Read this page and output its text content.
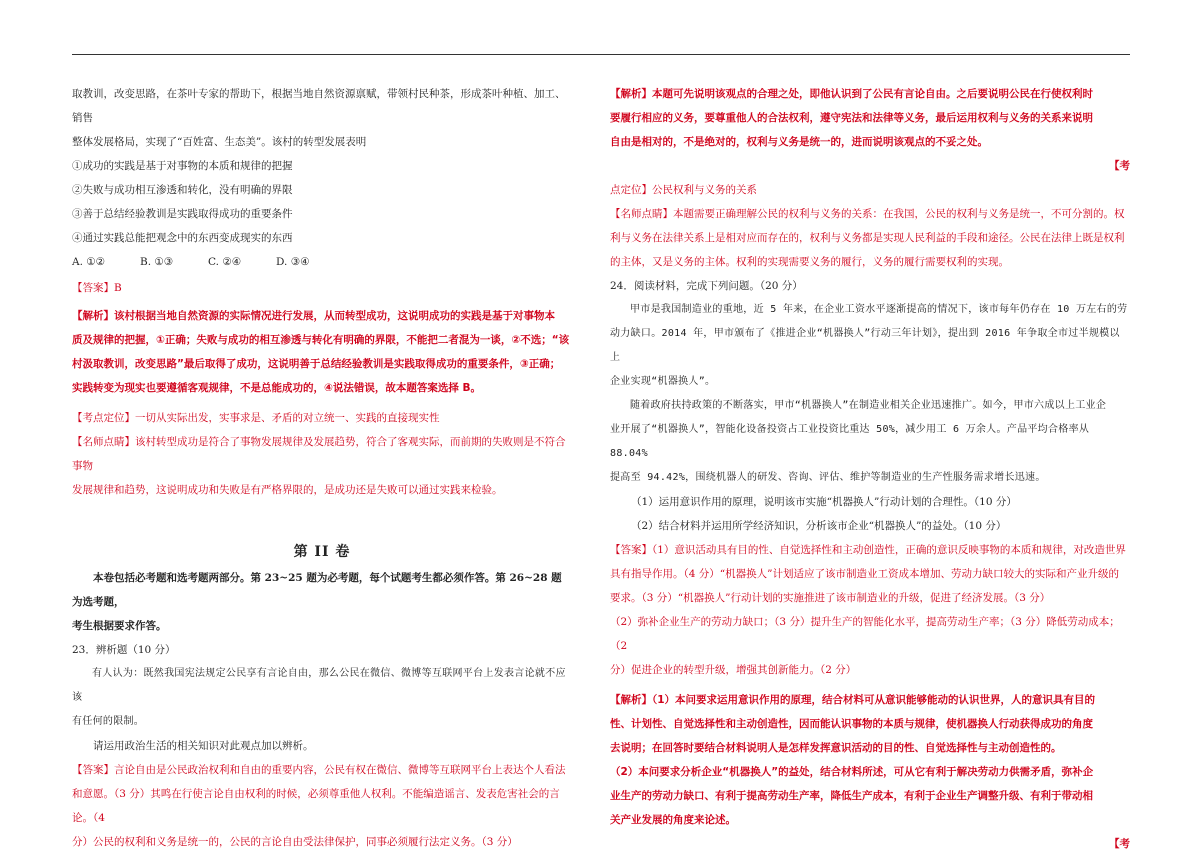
取教训，改变思路，在茶叶专家的帮助下，根据当地自然资源禀赋，带领村民种茶，形成茶叶种植、加工、销售

整体发展格局，实现了“百姓富、生态美”。该村的转型发展表明

①成功的实践是基于对事物的本质和规律的把握

②失败与成功相互渗透和转化，没有明确的界限

③善于总结经验教训是实践取得成功的重要条件

④通过实践总能把观念中的东西变成现实的东西

A. ①②	B. ①③	C. ②④	D. ③④

【答案】B

【解析】该村根据当地自然资源的实际情况进行发展，从而转型成功，这说明成功的实践是基于对事物本

质及规律的把握，①正确；失败与成功的相互渗透与转化有明确的界限，不能把二者混为一谈，②不选；“该

村汲取教训，改变思路”最后取得了成功，这说明善于总结经验教训是实践取得成功的重要条件，③正确；

实践转变为现实也要遵循客观规律，不是总能成功的，④说法错误，故本题答案选择 B。

【考点定位】一切从实际出发，实事求是、矛盾的对立统一、实践的直接现实性

【名师点睛】该村转型成功是符合了事物发展规律及发展趋势，符合了客观实际，而前期的失败则是不符合事物

发展规律和趋势，这说明成功和失败是有严格界限的，是成功还是失败可以通过实践来检验。

第 II 卷

本卷包括必考题和选考题两部分。第 23~25 题为必考题，每个试题考生都必须作答。第 26~28 题为选考题，

考生根据要求作答。

23．辨析题（10 分）

有人认为：既然我国宪法规定公民享有言论自由，那么公民在微信、微博等互联网平台上发表言论就不应该

有任何的限制。

请运用政治生活的相关知识对此观点加以辨析。

【答案】言论自由是公民政治权利和自由的重要内容，公民有权在微信、微博等互联网平台上表达个人看法

和意愿。（3 分）其鸣在行使言论自由权利的时候，必须尊重他人权利。不能编造谣言、发表危害社会的言论。（4

分）公民的权利和义务是统一的，公民的言论自由受法律保护，同事必须履行法定义务。（3 分）

【解析】本题可先说明该观点的合理之处，即他认识到了公民有言论自由。之后要说明公民在行使权利时

要履行相应的义务，要尊重他人的合法权利，遵守宪法和法律等义务，最后运用权利与义务的关系来说明

自由是相对的，不是绝对的，权利与义务是统一的，进而说明该观点的不妥之处。

【考

点定位】公民权利与义务的关系

【名师点睛】本题需要正确理解公民的权利与义务的关系：在我国，公民的权利与义务是统一，不可分割的。权

利与义务在法律关系上是相对应而存在的，权利与义务都是实现人民利益的手段和途径。公民在法律上既是权利

的主体，又是义务的主体。权利的实现需要义务的履行，义务的履行需要权利的实现。

24．阅读材料，完成下列问题。（20 分）

甲市是我国制造业的重地，近 5 年来，在企业工资水平逐渐提高的情况下，该市每年仍存在 10 万左右的劳

动力缺口。2014 年，甲市颁布了《推进企业“机器换人”行动三年计划》，提出到 2016 年争取全市过半规模以上

企业实现“机器换人”。

随着政府扶持政策的不断落实，甲市“机器换人”在制造业相关企业迅速推广。如今，甲市六成以上工业企

业开展了“机器换人”，智能化设备投资占工业投资比重达 50%，减少用工 6 万余人。产品平均合格率从 88.04%

提高至 94.42%，围绕机器人的研发、咨询、评估、维护等制造业的生产性服务需求增长迅速。

（1）运用意识作用的原理，说明该市实施“机器换人”行动计划的合理性。（10 分）

（2）结合材料并运用所学经济知识，分析该市企业“机器换人”的益处。（10 分）

【答案】（1）意识活动具有目的性、自觉选择性和主动创造性，正确的意识反映事物的本质和规律，对改造世界

具有指导作用。（4 分）“机器换人”计划适应了该市制造业工资成本增加、劳动力缺口较大的实际和产业升级的

要求。（3 分）“机器换人”行动计划的实施推进了该市制造业的升级，促进了经济发展。（3 分）

（2）弥补企业生产的劳动力缺口；（3 分）提升生产的智能化水平，提高劳动生产率；（3 分）降低劳动成本；（2

分）促进企业的转型升级，增强其创新能力。（2 分）

【解析】（1）本问要求运用意识作用的原理，结合材料可从意识能够能动的认识世界，人的意识具有目的

性、计划性、自觉选择性和主动创造性，因而能认识事物的本质与规律，使机器换人行动获得成功的角度

去说明；在回答时要结合材料说明人是怎样发挥意识活动的目的性、自觉选择性与主动创造性的。

（2）本问要求分析企业“机器换人”的益处，结合材料所述，可从它有利于解决劳动力供需矛盾，弥补企

业生产的劳动力缺口、有利于提高劳动生产率，降低生产成本，有利于企业生产调整升级、有利于带动相

关产业发展的角度来论述。

【考
